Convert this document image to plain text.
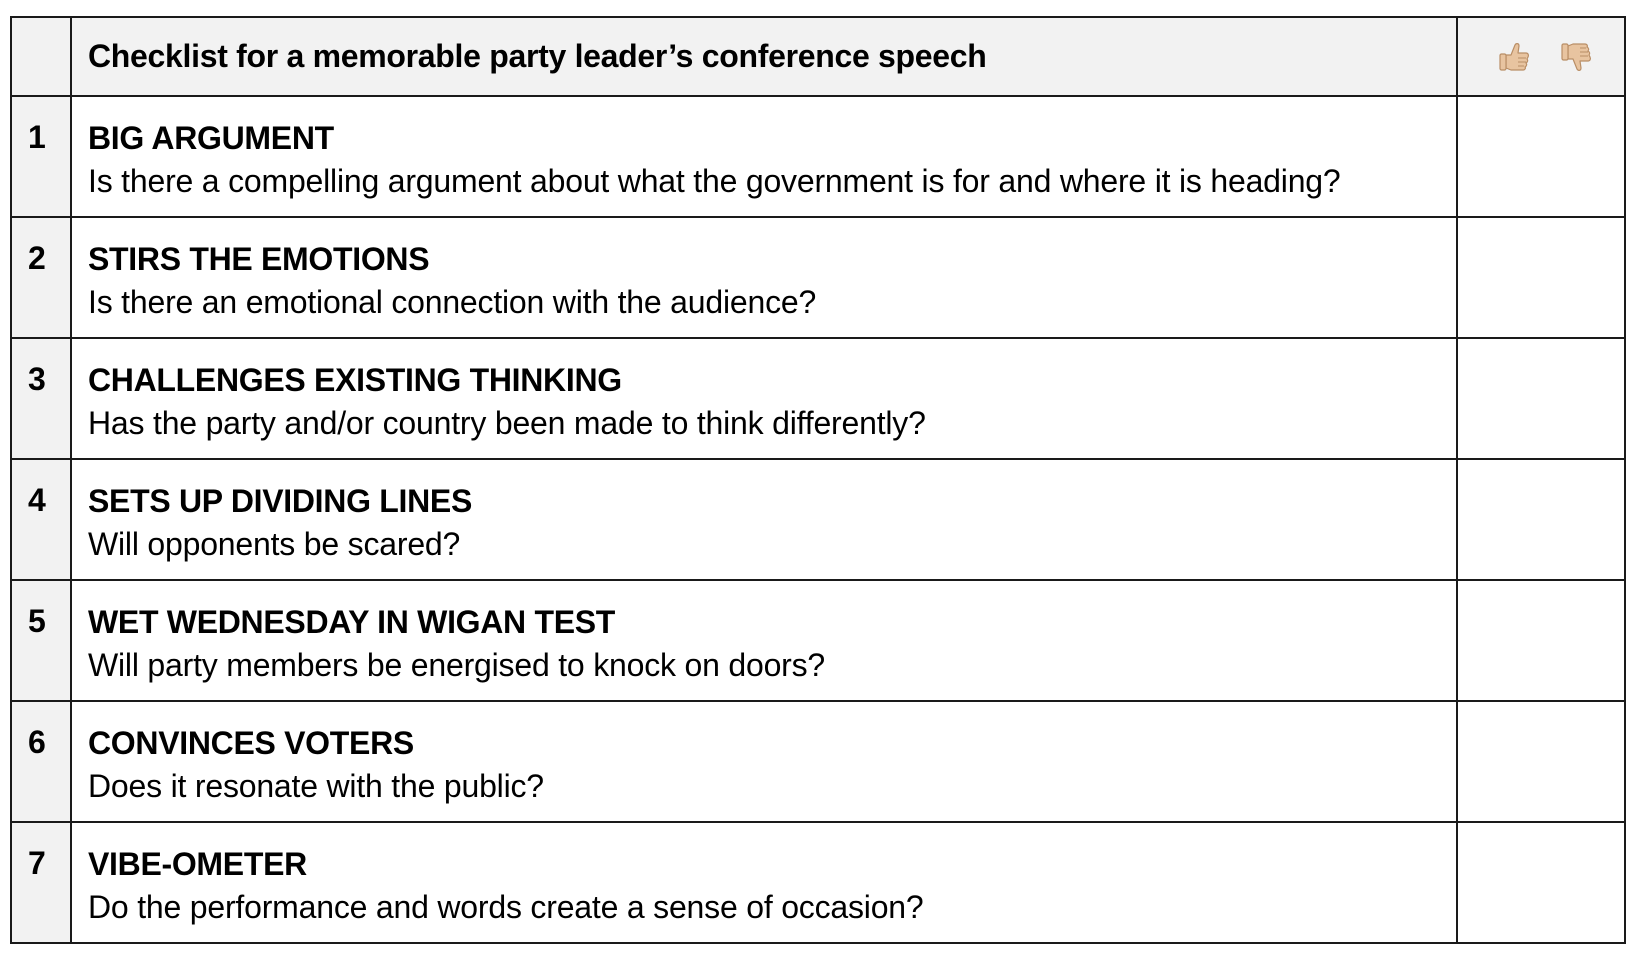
	Checklist for a memorable party leader’s conference speech

1	BIG ARGUMENT
Is there a compelling argument about what the government is for and where it is heading?	

2	STIRS THE EMOTIONS
Is there an emotional connection with the audience?	

3	CHALLENGES EXISTING THINKING
Has the party and/or country been made to think differently?	

4	SETS UP DIVIDING LINES
Will opponents be scared?	

5	WET WEDNESDAY IN WIGAN TEST
Will party members be energised to knock on doors?	

6	CONVINCES VOTERS
Does it resonate with the public?	

7	VIBE-OMETER
Do the performance and words create a sense of occasion?	
